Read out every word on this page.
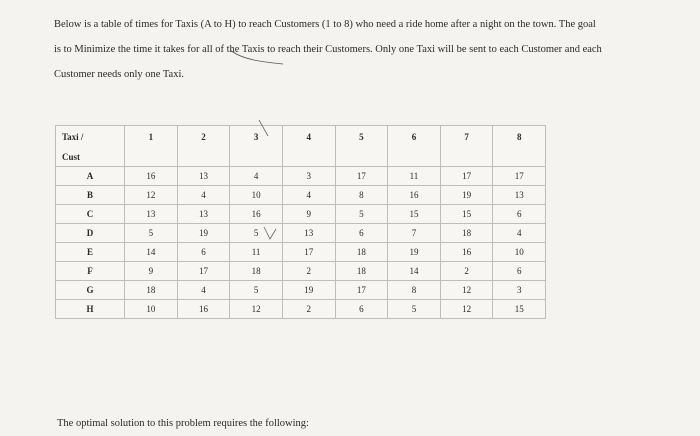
Below is a table of times for Taxis (A to H) to reach Customers (1 to 8) who need a ride home after a night on the town. The goal
is to Minimize the time it takes for all of the Taxis to reach their Customers. Only one Taxi will be sent to each Customer and each
Customer needs only one Taxi.

Taxi /	1	2	3	4	5	6	7	8
Cust								
A	16	13	4	3	17	11	17	17
B	12	4	10	4	8	16	19	13
C	13	13	16	9	5	15	15	6
D	5	19	5	13	6	7	18	4
E	14	6	11	17	18	19	16	10
F	9	17	18	2	18	14	2	6
G	18	4	5	19	17	8	12	3
H	10	16	12	2	6	5	12	15

The optimal solution to this problem requires the following:
